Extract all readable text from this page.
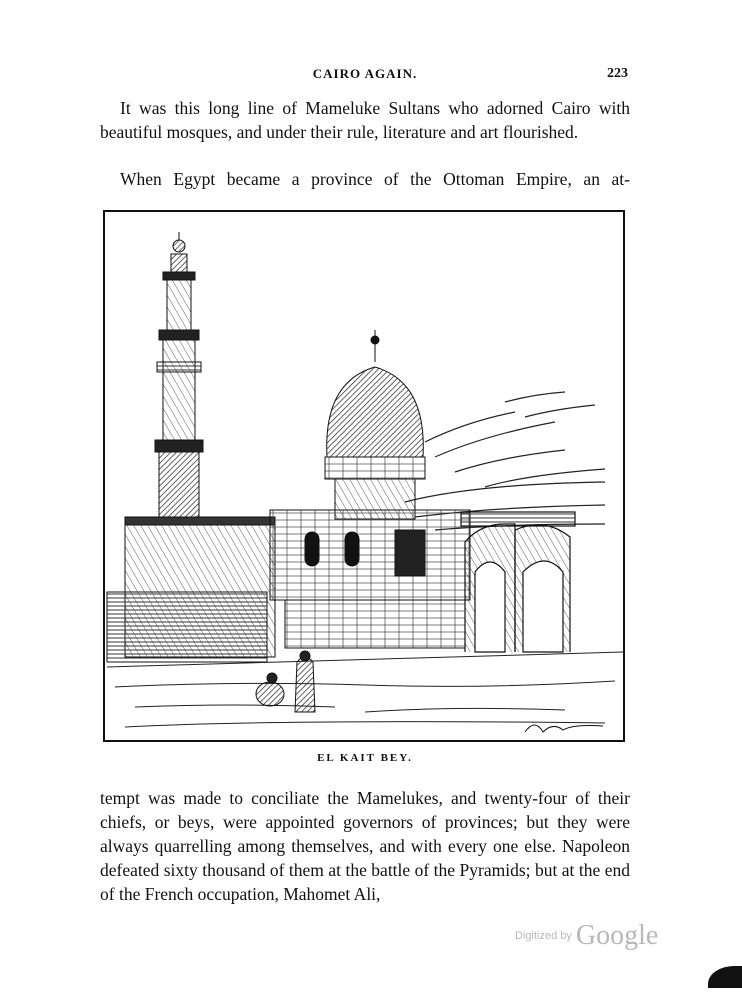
CAIRO AGAIN.	223

It was this long line of Mameluke Sultans who adorned Cairo with beautiful mosques, and under their rule, literature and art flourished.

When Egypt became a province of the Ottoman Empire, an at-

EL KAIT BEY.

tempt was made to conciliate the Mamelukes, and twenty-four of their chiefs, or beys, were appointed governors of provinces; but they were always quarrelling among themselves, and with every one else. Napoleon defeated sixty thousand of them at the battle of the Pyramids; but at the end of the French occupation, Mahomet Ali,

Digitized by Google
